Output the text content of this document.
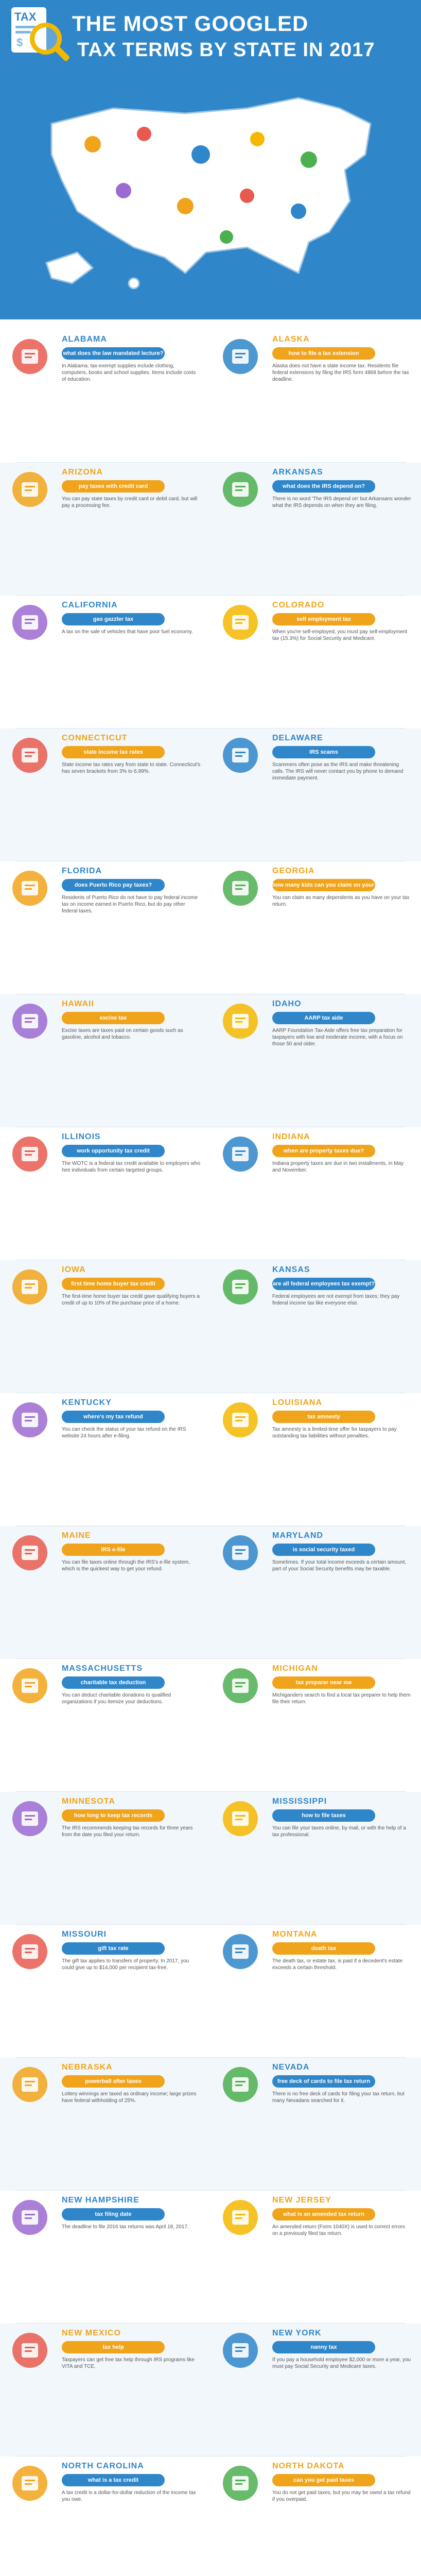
TAX
$
THE MOST GOOGLED
TAX TERMS BY STATE IN 2017
ALABAMA
what does the law mandated lecture?
In Alabama, tax-exempt supplies include clothing, computers, books and school supplies. Items include costs of education.
ALASKA
how to file a tax extension
Alaska does not have a state income tax. Residents file federal extensions by filing the IRS form 4868 before the tax deadline.
ARIZONA
pay taxes with credit card
You can pay state taxes by credit card or debit card, but will pay a processing fee.
ARKANSAS
what does the IRS depend on?
There is no word 'The IRS depend on' but Arkansans wonder what the IRS depends on when they are filing.
CALIFORNIA
gas gazzler tax
A tax on the sale of vehicles that have poor fuel economy.
COLORADO
self employment tax
When you're self-employed, you must pay self-employment tax (15.3%) for Social Security and Medicare.
CONNECTICUT
state income tax rates
State income tax rates vary from state to state. Connecticut's has seven brackets from 3% to 6.99%.
DELAWARE
IRS scams
Scammers often pose as the IRS and make threatening calls. The IRS will never contact you by phone to demand immediate payment.
FLORIDA
does Puerto Rico pay taxes?
Residents of Puerto Rico do not have to pay federal income tax on income earned in Puerto Rico, but do pay other federal taxes.
GEORGIA
how many kids can you claim on your taxes
You can claim as many dependents as you have on your tax return.
HAWAII
excise tax
Excise taxes are taxes paid on certain goods such as gasoline, alcohol and tobacco.
IDAHO
AARP tax aide
AARP Foundation Tax-Aide offers free tax preparation for taxpayers with low and moderate income, with a focus on those 50 and older.
ILLINOIS
work opportunity tax credit
The WOTC is a federal tax credit available to employers who hire individuals from certain targeted groups.
INDIANA
when are property taxes due?
Indiana property taxes are due in two installments, in May and November.
IOWA
first time home buyer tax credit
The first-time home buyer tax credit gave qualifying buyers a credit of up to 10% of the purchase price of a home.
KANSAS
are all federal employees tax exempt?
Federal employees are not exempt from taxes; they pay federal income tax like everyone else.
KENTUCKY
where's my tax refund
You can check the status of your tax refund on the IRS website 24 hours after e-filing.
LOUISIANA
tax amnesty
Tax amnesty is a limited-time offer for taxpayers to pay outstanding tax liabilities without penalties.
MAINE
IRS e-file
You can file taxes online through the IRS's e-file system, which is the quickest way to get your refund.
MARYLAND
is social security taxed
Sometimes. If your total income exceeds a certain amount, part of your Social Security benefits may be taxable.
MASSACHUSETTS
charitable tax deduction
You can deduct charitable donations to qualified organizations if you itemize your deductions.
MICHIGAN
tax preparer near me
Michiganders search to find a local tax preparer to help them file their return.
MINNESOTA
how long to keep tax records
The IRS recommends keeping tax records for three years from the date you filed your return.
MISSISSIPPI
how to file taxes
You can file your taxes online, by mail, or with the help of a tax professional.
MISSOURI
gift tax rate
The gift tax applies to transfers of property. In 2017, you could give up to $14,000 per recipient tax-free.
MONTANA
death tax
The death tax, or estate tax, is paid if a decedent's estate exceeds a certain threshold.
NEBRASKA
powerball after taxes
Lottery winnings are taxed as ordinary income; large prizes have federal withholding of 25%.
NEVADA
free deck of cards to file tax return
There is no free deck of cards for filing your tax return, but many Nevadans searched for it.
NEW HAMPSHIRE
tax filing date
The deadline to file 2016 tax returns was April 18, 2017.
NEW JERSEY
what is an amended tax return
An amended return (Form 1040X) is used to correct errors on a previously filed tax return.
NEW MEXICO
tax help
Taxpayers can get free tax help through IRS programs like VITA and TCE.
NEW YORK
nanny tax
If you pay a household employee $2,000 or more a year, you must pay Social Security and Medicare taxes.
NORTH CAROLINA
what is a tax credit
A tax credit is a dollar-for-dollar reduction of the income tax you owe.
NORTH DAKOTA
can you get paid taxes
You do not get paid taxes, but you may be owed a tax refund if you overpaid.
